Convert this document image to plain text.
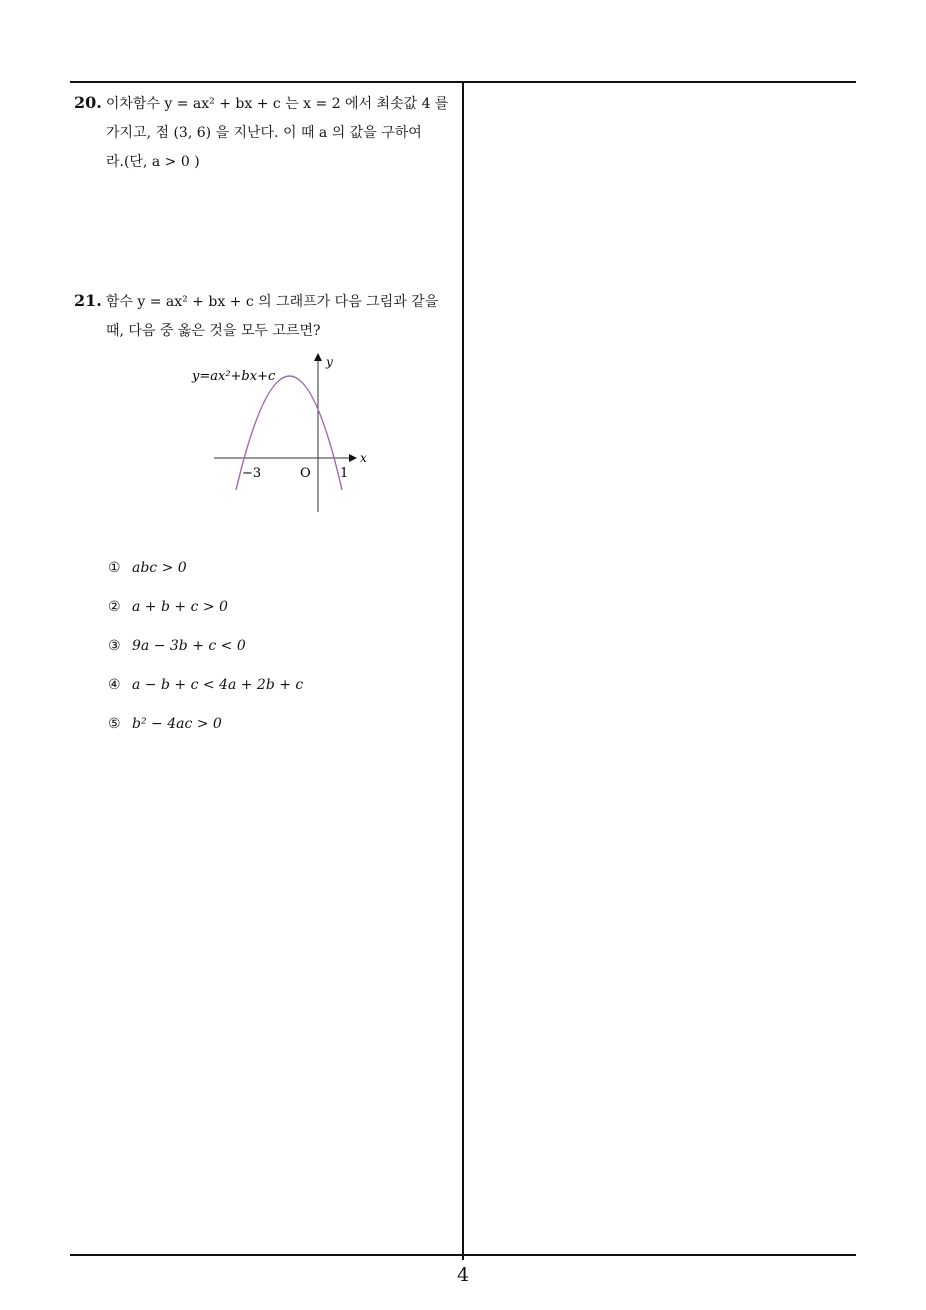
20. 이차함수 y = ax² + bx + c 는 x = 2 에서 최솟값 4 를
가지고, 점 (3, 6) 을 지난다. 이 때 a 의 값을 구하여
라.(단, a > 0 )
21. 함수 y = ax² + bx + c 의 그래프가 다음 그림과 같을
때, 다음 중 옳은 것을 모두 고르면?
y=ax²+bx+c
x
y
−3	O 1
① abc > 0
② a + b + c > 0
③ 9a − 3b + c < 0
④ a − b + c < 4a + 2b + c
⑤ b² − 4ac > 0
4
